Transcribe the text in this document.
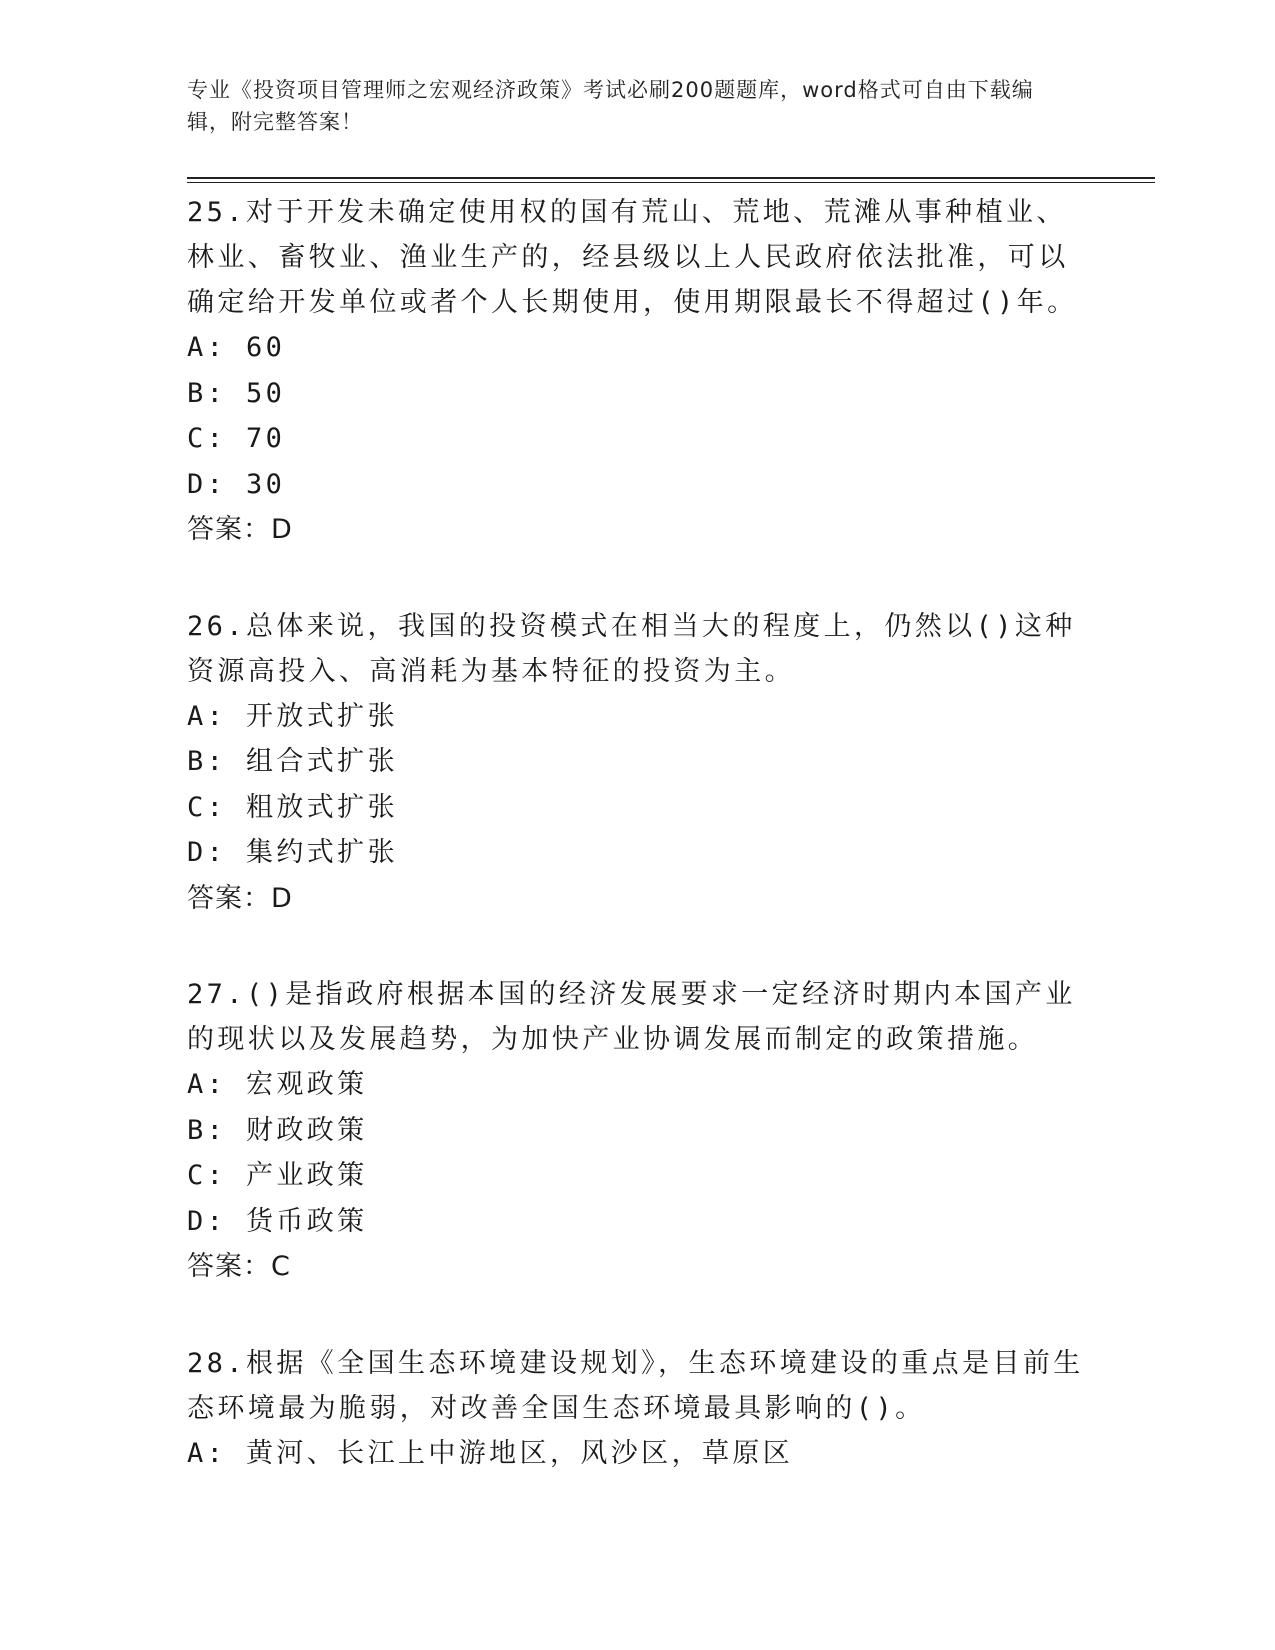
专业《投资项目管理师之宏观经济政策》考试必刷200题题库，word格式可自由下载编辑，附完整答案！

25.对于开发未确定使用权的国有荒山、荒地、荒滩从事种植业、林业、畜牧业、渔业生产的，经县级以上人民政府依法批准，可以确定给开发单位或者个人长期使用，使用期限最长不得超过()年。

A: 60

B: 50

C: 70

D: 30

答案：D

26.总体来说，我国的投资模式在相当大的程度上，仍然以()这种资源高投入、高消耗为基本特征的投资为主。

A: 开放式扩张

B: 组合式扩张

C: 粗放式扩张

D: 集约式扩张

答案：D

27.()是指政府根据本国的经济发展要求一定经济时期内本国产业的现状以及发展趋势，为加快产业协调发展而制定的政策措施。

A: 宏观政策

B: 财政政策

C: 产业政策

D: 货币政策

答案：C

28.根据《全国生态环境建设规划》，生态环境建设的重点是目前生态环境最为脆弱，对改善全国生态环境最具影响的()。

A: 黄河、长江上中游地区，风沙区，草原区
